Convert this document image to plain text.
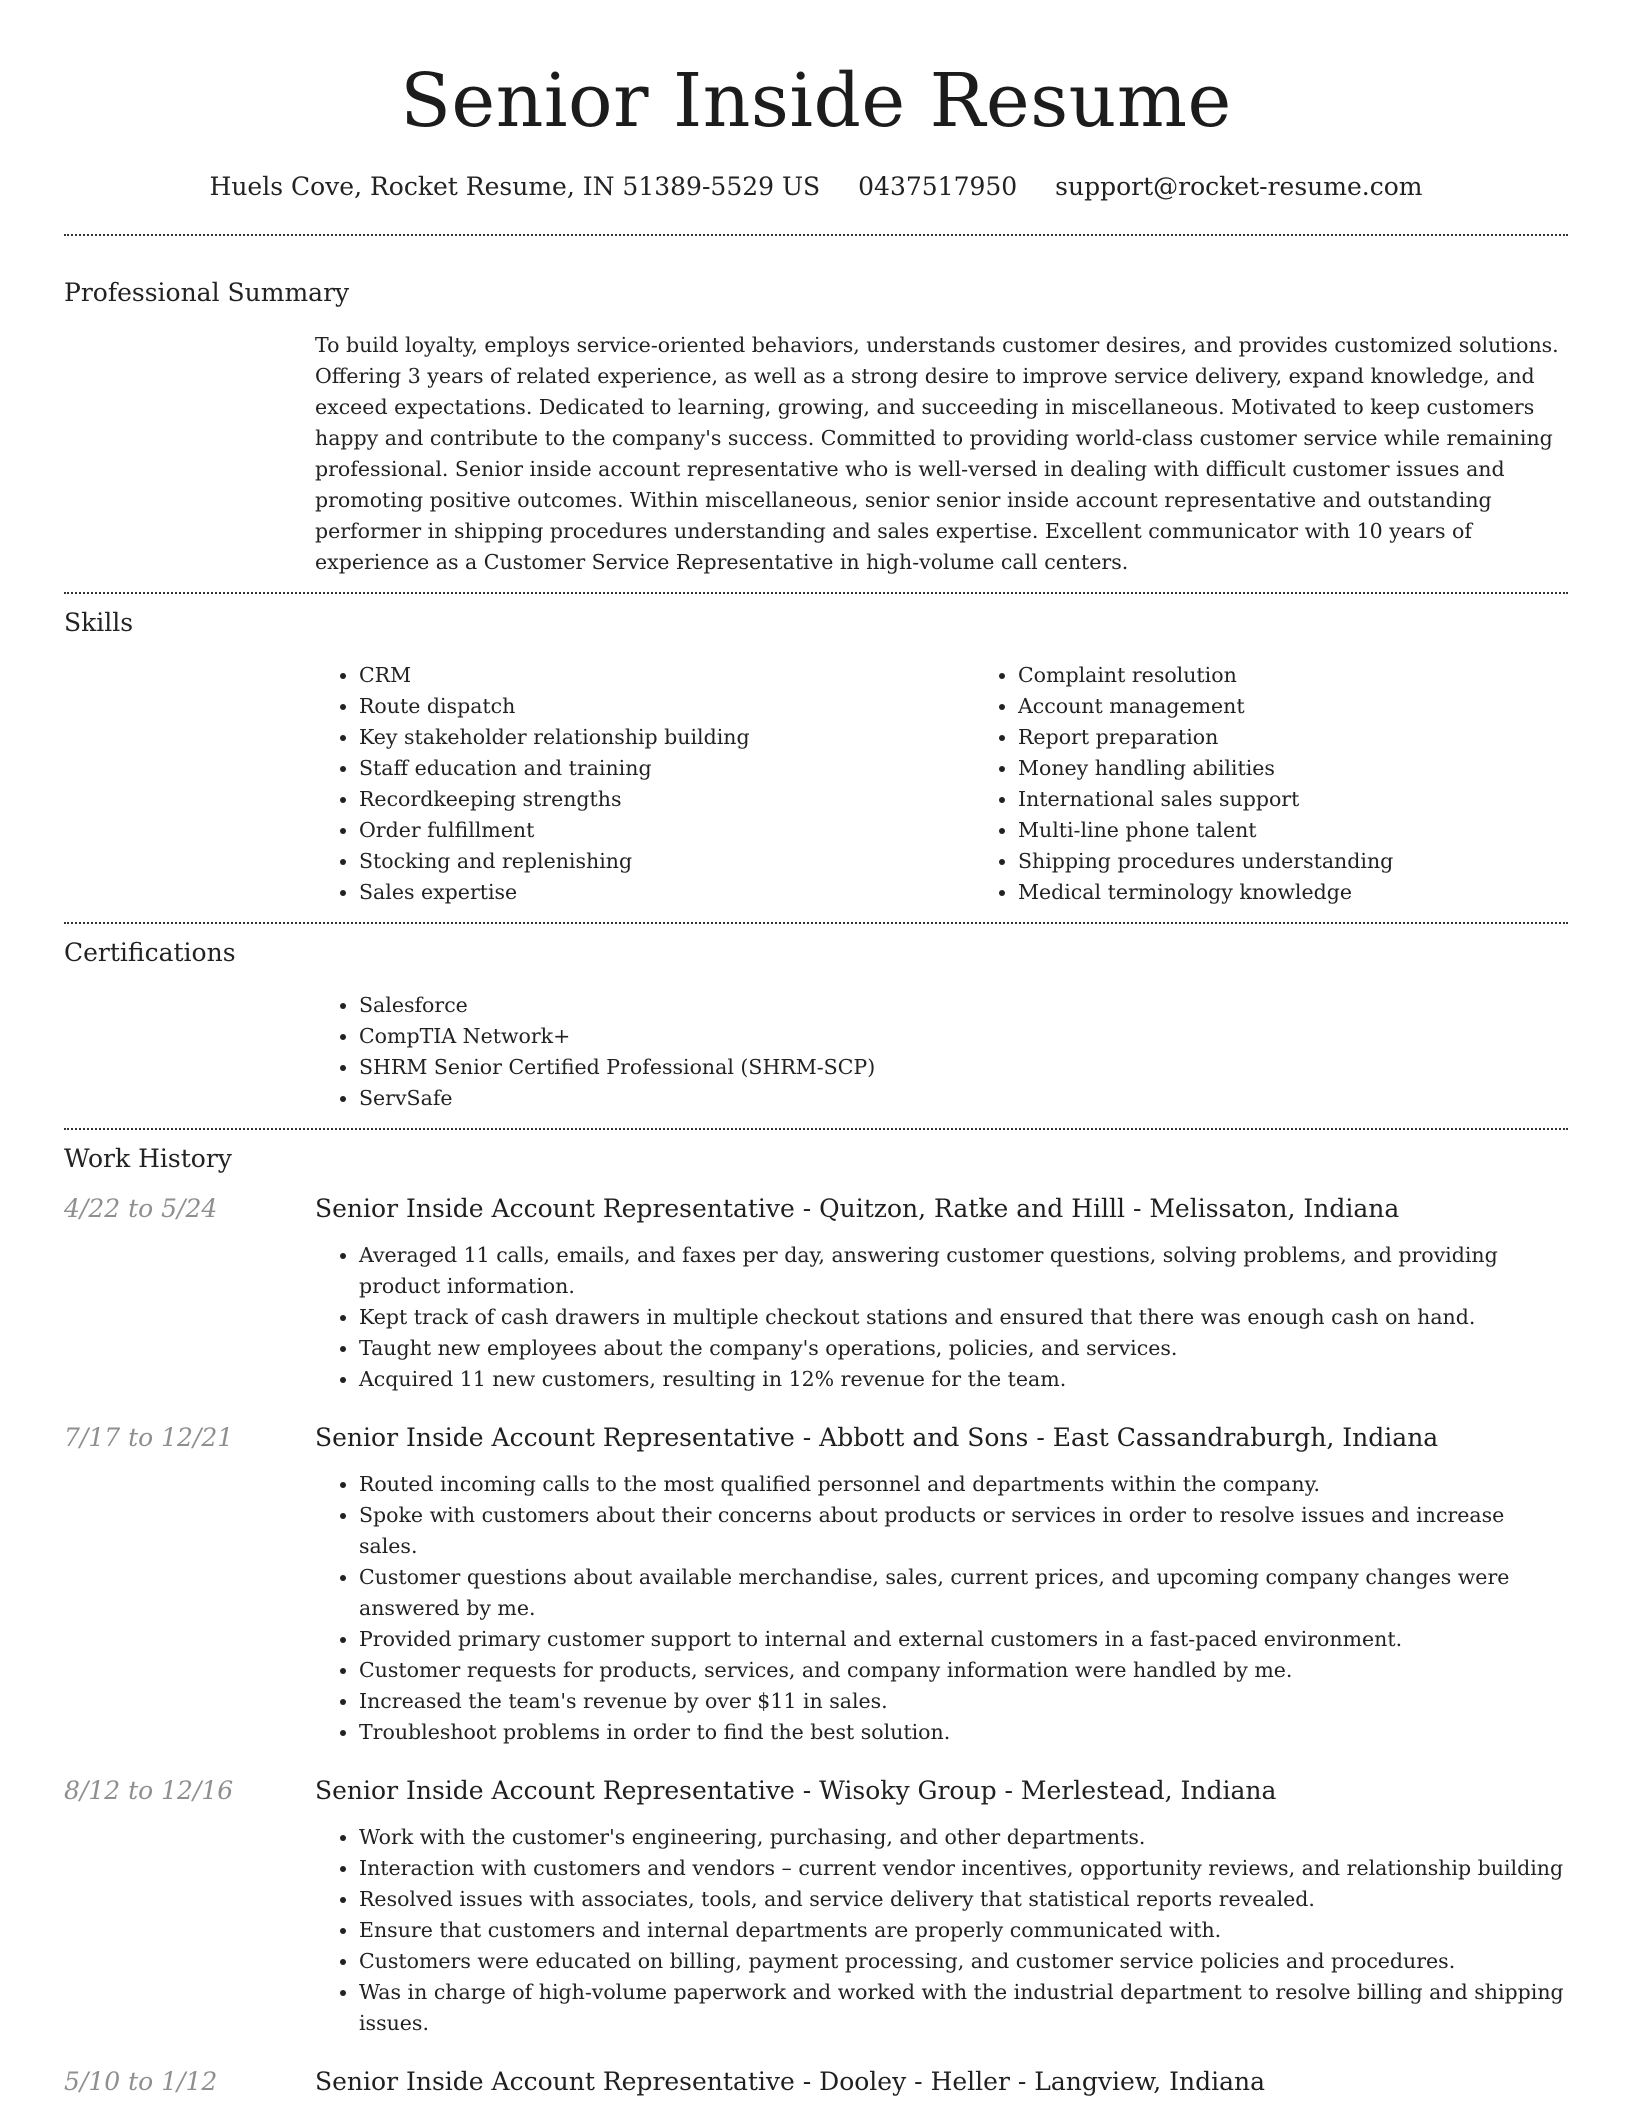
Senior Inside Resume
Huels Cove, Rocket Resume, IN 51389-5529 US 0437517950 support@rocket-resume.com
Professional Summary

To build loyalty, employs service-oriented behaviors, understands customer desires, and provides customized solutions. Offering 3 years of related experience, as well as a strong desire to improve service delivery, expand knowledge, and exceed expectations. Dedicated to learning, growing, and succeeding in miscellaneous. Motivated to keep customers happy and contribute to the company's success. Committed to providing world-class customer service while remaining professional. Senior inside account representative who is well-versed in dealing with difficult customer issues and promoting positive outcomes. Within miscellaneous, senior senior inside account representative and outstanding performer in shipping procedures understanding and sales expertise. Excellent communicator with 10 years of experience as a Customer Service Representative in high-volume call centers.

Skills
• CRM
• Route dispatch
• Key stakeholder relationship building
• Staff education and training
• Recordkeeping strengths
• Order fulfillment
• Stocking and replenishing
• Sales expertise
• Complaint resolution
• Account management
• Report preparation
• Money handling abilities
• International sales support
• Multi-line phone talent
• Shipping procedures understanding
• Medical terminology knowledge
Certifications
• Salesforce
• CompTIA Network+
• SHRM Senior Certified Professional (SHRM-SCP)
• ServSafe
Work History
4/22 to 5/24	Senior Inside Account Representative - Quitzon, Ratke and Hilll - Melissaton, Indiana
• Averaged 11 calls, emails, and faxes per day, answering customer questions, solving problems, and providing product information.
• Kept track of cash drawers in multiple checkout stations and ensured that there was enough cash on hand.
• Taught new employees about the company's operations, policies, and services.
• Acquired 11 new customers, resulting in 12% revenue for the team.
7/17 to 12/21	Senior Inside Account Representative - Abbott and Sons - East Cassandraburgh, Indiana
• Routed incoming calls to the most qualified personnel and departments within the company.
• Spoke with customers about their concerns about products or services in order to resolve issues and increase sales.
• Customer questions about available merchandise, sales, current prices, and upcoming company changes were answered by me.
• Provided primary customer support to internal and external customers in a fast-paced environment.
• Customer requests for products, services, and company information were handled by me.
• Increased the team's revenue by over $11 in sales.
• Troubleshoot problems in order to find the best solution.
8/12 to 12/16	Senior Inside Account Representative - Wisoky Group - Merlestead, Indiana
• Work with the customer's engineering, purchasing, and other departments.
• Interaction with customers and vendors – current vendor incentives, opportunity reviews, and relationship building
• Resolved issues with associates, tools, and service delivery that statistical reports revealed.
• Ensure that customers and internal departments are properly communicated with.
• Customers were educated on billing, payment processing, and customer service policies and procedures.
• Was in charge of high-volume paperwork and worked with the industrial department to resolve billing and shipping issues.
5/10 to 1/12	Senior Inside Account Representative - Dooley - Heller - Langview, Indiana
